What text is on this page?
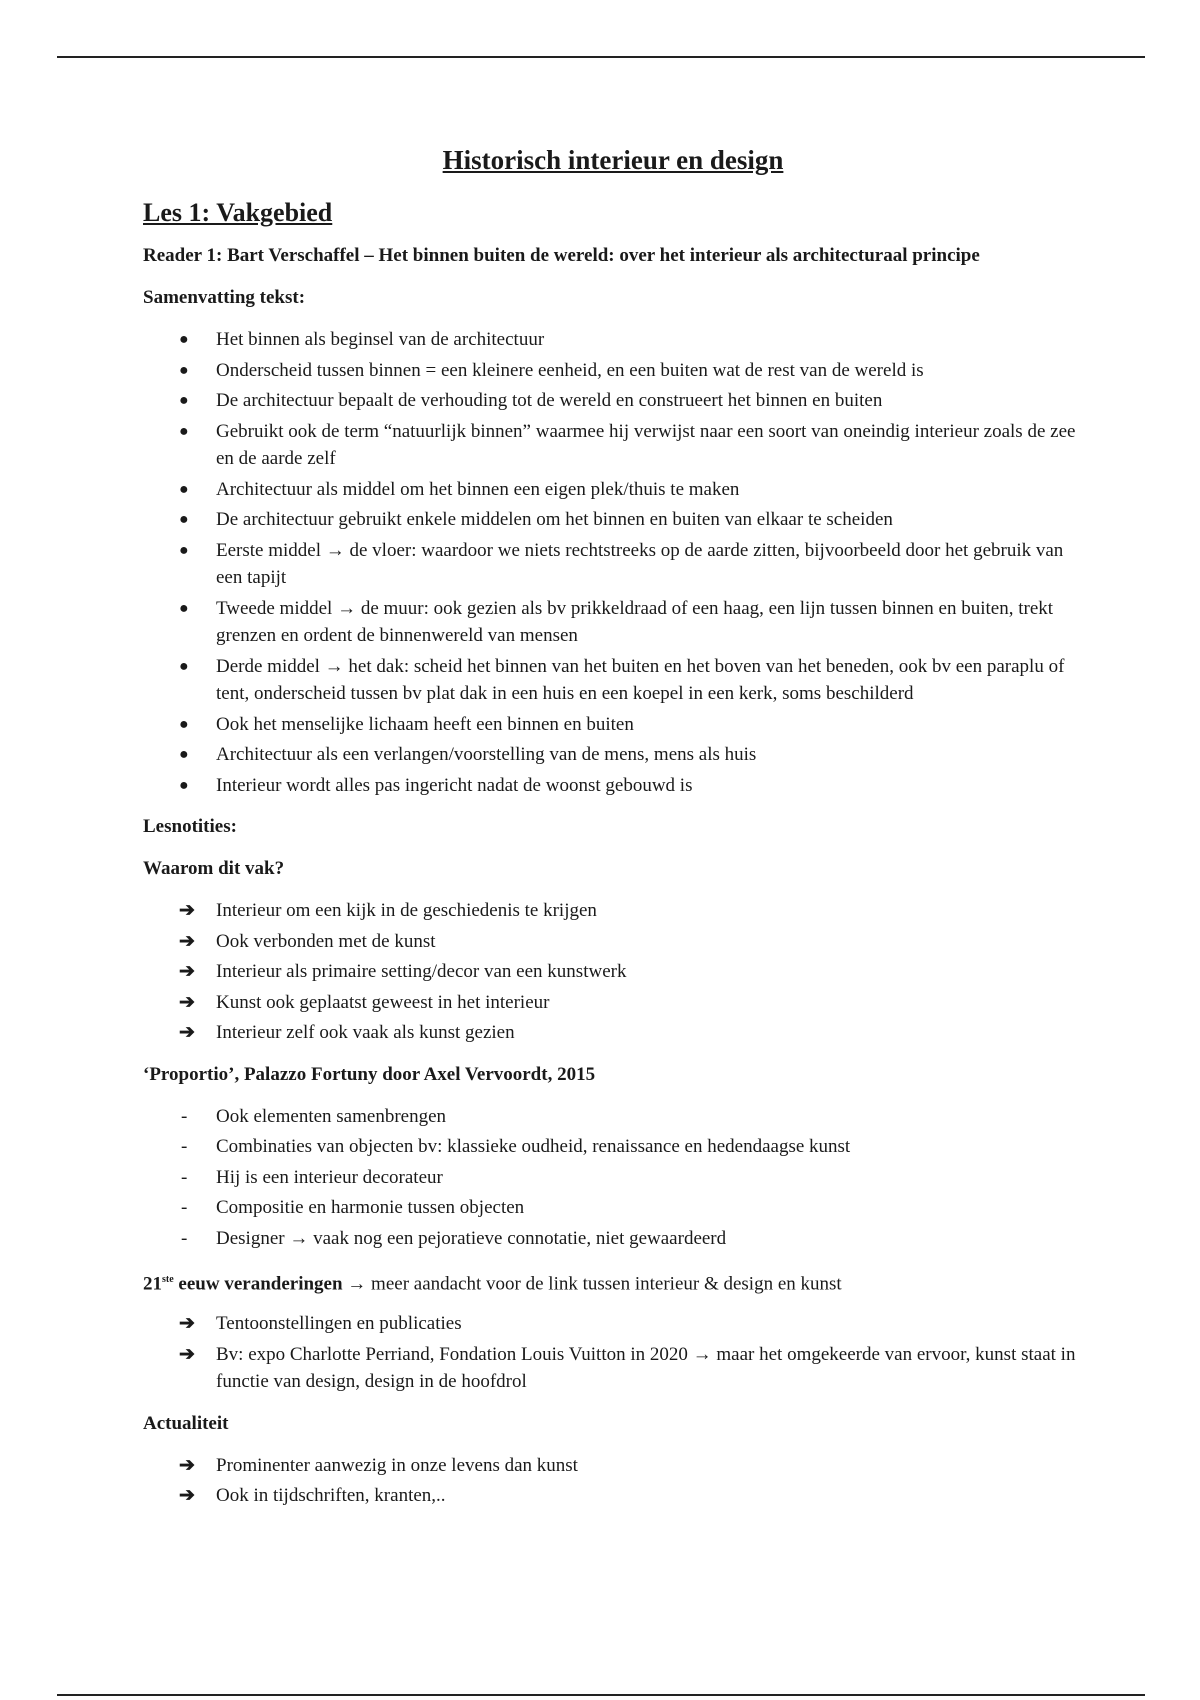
Historisch interieur en design
Les 1: Vakgebied
Reader 1: Bart Verschaffel – Het binnen buiten de wereld: over het interieur als architecturaal principe
Samenvatting tekst:
●	Het binnen als beginsel van de architectuur
●	Onderscheid tussen binnen = een kleinere eenheid, en een buiten wat de rest van de wereld is
●	De architectuur bepaalt de verhouding tot de wereld en construeert het binnen en buiten
●	Gebruikt ook de term “natuurlijk binnen” waarmee hij verwijst naar een soort van oneindig interieur zoals de zee en de aarde zelf
●	Architectuur als middel om het binnen een eigen plek/thuis te maken
●	De architectuur gebruikt enkele middelen om het binnen en buiten van elkaar te scheiden
●	Eerste middel → de vloer: waardoor we niets rechtstreeks op de aarde zitten, bijvoorbeeld door het gebruik van een tapijt
●	Tweede middel → de muur: ook gezien als bv prikkeldraad of een haag, een lijn tussen binnen en buiten, trekt grenzen en ordent de binnenwereld van mensen
●	Derde middel → het dak: scheid het binnen van het buiten en het boven van het beneden, ook bv een paraplu of tent, onderscheid tussen bv plat dak in een huis en een koepel in een kerk, soms beschilderd
●	Ook het menselijke lichaam heeft een binnen en buiten
●	Architectuur als een verlangen/voorstelling van de mens, mens als huis
●	Interieur wordt alles pas ingericht nadat de woonst gebouwd is
Lesnotities:
Waarom dit vak?
➔	Interieur om een kijk in de geschiedenis te krijgen
➔	Ook verbonden met de kunst
➔	Interieur als primaire setting/decor van een kunstwerk
➔	Kunst ook geplaatst geweest in het interieur
➔	Interieur zelf ook vaak als kunst gezien
‘Proportio’, Palazzo Fortuny door Axel Vervoordt, 2015
-	Ook elementen samenbrengen
-	Combinaties van objecten bv: klassieke oudheid, renaissance en hedendaagse kunst
-	Hij is een interieur decorateur
-	Compositie en harmonie tussen objecten
-	Designer → vaak nog een pejoratieve connotatie, niet gewaardeerd
21ste eeuw veranderingen → meer aandacht voor de link tussen interieur & design en kunst
➔	Tentoonstellingen en publicaties
➔	Bv: expo Charlotte Perriand, Fondation Louis Vuitton in 2020 → maar het omgekeerde van ervoor, kunst staat in functie van design, design in de hoofdrol
Actualiteit
➔	Prominenter aanwezig in onze levens dan kunst
➔	Ook in tijdschriften, kranten,..
